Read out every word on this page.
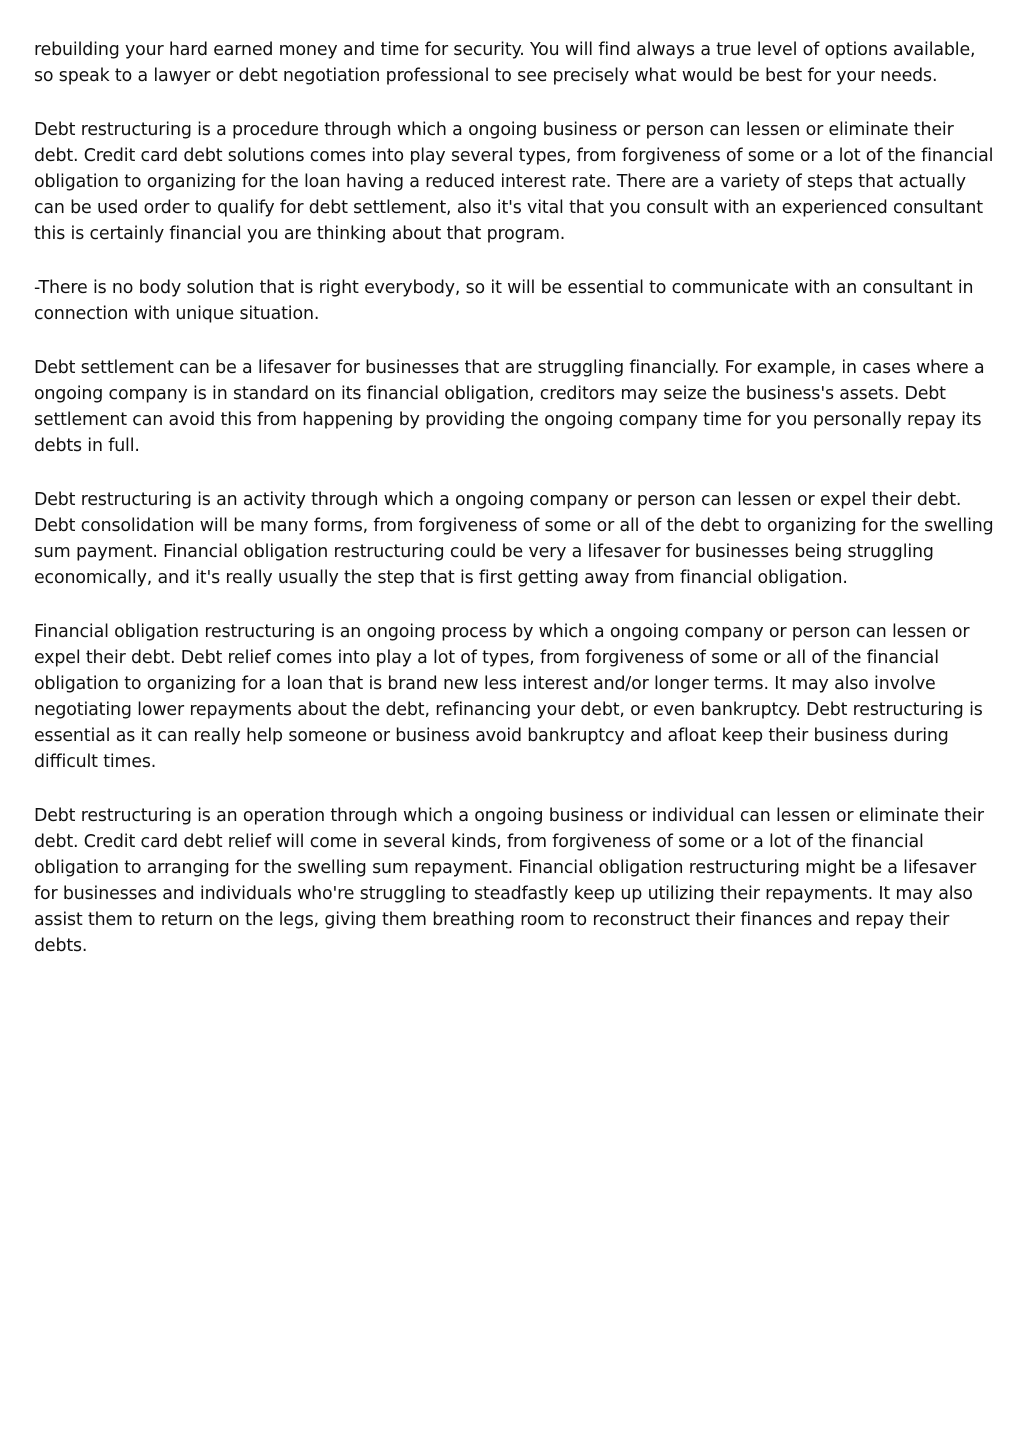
rebuilding your hard earned money and time for security. You will find always a true level of options available, so speak to a lawyer or debt negotiation professional to see precisely what would be best for your needs.

Debt restructuring is a procedure through which a ongoing business or person can lessen or eliminate their debt. Credit card debt solutions comes into play several types, from forgiveness of some or a lot of the financial obligation to organizing for the loan having a reduced interest rate. There are a variety of steps that actually can be used order to qualify for debt settlement, also it's vital that you consult with an experienced consultant this is certainly financial you are thinking about that program.

-There is no body solution that is right everybody, so it will be essential to communicate with an consultant in connection with unique situation.

Debt settlement can be a lifesaver for businesses that are struggling financially. For example, in cases where a ongoing company is in standard on its financial obligation, creditors may seize the business's assets. Debt settlement can avoid this from happening by providing the ongoing company time for you personally repay its debts in full.

Debt restructuring is an activity through which a ongoing company or person can lessen or expel their debt. Debt consolidation will be many forms, from forgiveness of some or all of the debt to organizing for the swelling sum payment. Financial obligation restructuring could be very a lifesaver for businesses being struggling economically, and it's really usually the step that is first getting away from financial obligation.

Financial obligation restructuring is an ongoing process by which a ongoing company or person can lessen or expel their debt. Debt relief comes into play a lot of types, from forgiveness of some or all of the financial obligation to organizing for a loan that is brand new less interest and/or longer terms. It may also involve negotiating lower repayments about the debt, refinancing your debt, or even bankruptcy. Debt restructuring is essential as it can really help someone or business avoid bankruptcy and afloat keep their business during difficult times.

Debt restructuring is an operation through which a ongoing business or individual can lessen or eliminate their debt. Credit card debt relief will come in several kinds, from forgiveness of some or a lot of the financial obligation to arranging for the swelling sum repayment. Financial obligation restructuring might be a lifesaver for businesses and individuals who're struggling to steadfastly keep up utilizing their repayments. It may also assist them to return on the legs, giving them breathing room to reconstruct their finances and repay their debts.
